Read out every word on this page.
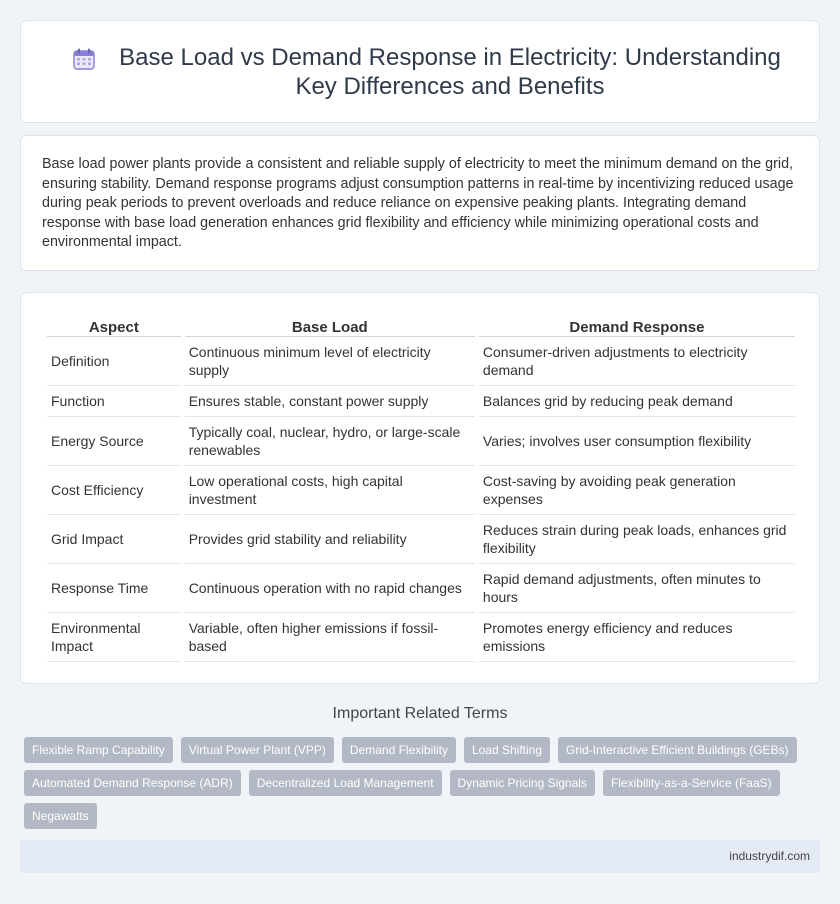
Base Load vs Demand Response in Electricity: Understanding Key Differences and Benefits

Base load power plants provide a consistent and reliable supply of electricity to meet the minimum demand on the grid, ensuring stability. Demand response programs adjust consumption patterns in real-time by incentivizing reduced usage during peak periods to prevent overloads and reduce reliance on expensive peaking plants. Integrating demand response with base load generation enhances grid flexibility and efficiency while minimizing operational costs and environmental impact.

Aspect	Base Load	Demand Response
Definition	Continuous minimum level of electricity supply	Consumer-driven adjustments to electricity demand
Function	Ensures stable, constant power supply	Balances grid by reducing peak demand
Energy Source	Typically coal, nuclear, hydro, or large-scale renewables	Varies; involves user consumption flexibility
Cost Efficiency	Low operational costs, high capital investment	Cost-saving by avoiding peak generation expenses
Grid Impact	Provides grid stability and reliability	Reduces strain during peak loads, enhances grid flexibility
Response Time	Continuous operation with no rapid changes	Rapid demand adjustments, often minutes to hours
Environmental Impact	Variable, often higher emissions if fossil-based	Promotes energy efficiency and reduces emissions
Important Related Terms
Flexible Ramp Capability	Virtual Power Plant (VPP)	Demand Flexibility	Load Shifting	Grid-Interactive Efficient Buildings (GEBs)
Automated Demand Response (ADR)	Decentralized Load Management	Dynamic Pricing Signals	Flexibility-as-a-Service (FaaS)
Negawatts
industrydif.com
